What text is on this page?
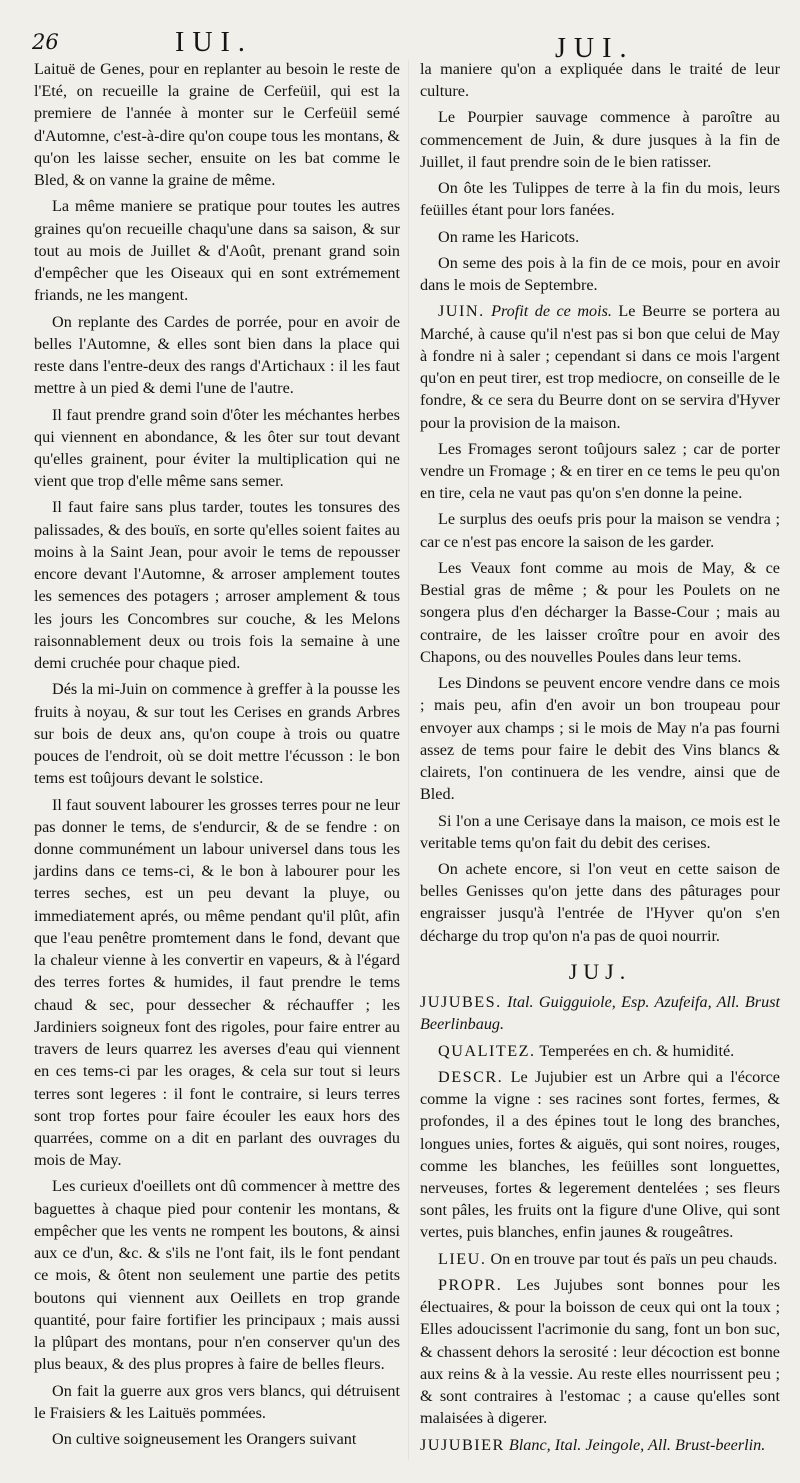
26	IUI.	JUI.

Laituë de Genes, pour en replanter au besoin le reste de l'Eté, on recueille la graine de Cerfeüil, qui est la premiere de l'année à monter sur le Cerfeüil semé d'Automne, c'est-à-dire qu'on coupe tous les montans, & qu'on les laisse secher, ensuite on les bat comme le Bled, & on vanne la graine de même.

La même maniere se pratique pour toutes les autres graines qu'on recueille chaqu'une dans sa saison, & sur tout au mois de Juillet & d'Août, prenant grand soin d'empêcher que les Oiseaux qui en sont extrémement friands, ne les mangent.

On replante des Cardes de porrée, pour en avoir de belles l'Automne, & elles sont bien dans la place qui reste dans l'entre-deux des rangs d'Artichaux : il les faut mettre à un pied & demi l'une de l'autre.

Il faut prendre grand soin d'ôter les méchantes herbes qui viennent en abondance, & les ôter sur tout devant qu'elles grainent, pour éviter la multiplication qui ne vient que trop d'elle même sans semer.

Il faut faire sans plus tarder, toutes les tonsures des palissades, & des bouïs, en sorte qu'elles soient faites au moins à la Saint Jean, pour avoir le tems de repousser encore devant l'Automne, & arroser amplement toutes les semences des potagers ; arroser amplement & tous les jours les Concombres sur couche, & les Melons raisonnablement deux ou trois fois la semaine à une demi cruchée pour chaque pied.

Dés la mi-Juin on commence à greffer à la pousse les fruits à noyau, & sur tout les Cerises en grands Arbres sur bois de deux ans, qu'on coupe à trois ou quatre pouces de l'endroit, où se doit mettre l'écusson : le bon tems est toûjours devant le solstice.

Il faut souvent labourer les grosses terres pour ne leur pas donner le tems, de s'endurcir, & de se fendre : on donne communément un labour universel dans tous les jardins dans ce tems-ci, & le bon à labourer pour les terres seches, est un peu devant la pluye, ou immediatement aprés, ou même pendant qu'il plût, afin que l'eau penêtre promtement dans le fond, devant que la chaleur vienne à les convertir en vapeurs, & à l'égard des terres fortes & humides, il faut prendre le tems chaud & sec, pour dessecher & réchauffer ; les Jardiniers soigneux font des rigoles, pour faire entrer au travers de leurs quarrez les averses d'eau qui viennent en ces tems-ci par les orages, & cela sur tout si leurs terres sont legeres : il font le contraire, si leurs terres sont trop fortes pour faire écouler les eaux hors des quarrées, comme on a dit en parlant des ouvrages du mois de May.

Les curieux d'oeillets ont dû commencer à mettre des baguettes à chaque pied pour contenir les montans, & empêcher que les vents ne rompent les boutons, & ainsi aux ce d'un, &c. & s'ils ne l'ont fait, ils le font pendant ce mois, & ôtent non seulement une partie des petits boutons qui viennent aux Oeillets en trop grande quantité, pour faire fortifier les principaux ; mais aussi la plûpart des montans, pour n'en conserver qu'un des plus beaux, & des plus propres à faire de belles fleurs.

On fait la guerre aux gros vers blancs, qui détruisent le Fraisiers & les Laituës pommées.

On cultive soigneusement les Orangers suivant

la maniere qu'on a expliquée dans le traité de leur culture.

Le Pourpier sauvage commence à paroître au commencement de Juin, & dure jusques à la fin de Juillet, il faut prendre soin de le bien ratisser.

On ôte les Tulippes de terre à la fin du mois, leurs feüilles étant pour lors fanées.

On rame les Haricots.

On seme des pois à la fin de ce mois, pour en avoir dans le mois de Septembre.

JUIN. Profit de ce mois. Le Beurre se portera au Marché, à cause qu'il n'est pas si bon que celui de May à fondre ni à saler ; cependant si dans ce mois l'argent qu'on en peut tirer, est trop mediocre, on conseille de le fondre, & ce sera du Beurre dont on se servira d'Hyver pour la provision de la maison.

Les Fromages seront toûjours salez ; car de porter vendre un Fromage ; & en tirer en ce tems le peu qu'on en tire, cela ne vaut pas qu'on s'en donne la peine.

Le surplus des oeufs pris pour la maison se vendra ; car ce n'est pas encore la saison de les garder.

Les Veaux font comme au mois de May, & ce Bestial gras de même ; & pour les Poulets on ne songera plus d'en décharger la Basse-Cour ; mais au contraire, de les laisser croître pour en avoir des Chapons, ou des nouvelles Poules dans leur tems.

Les Dindons se peuvent encore vendre dans ce mois ; mais peu, afin d'en avoir un bon troupeau pour envoyer aux champs ; si le mois de May n'a pas fourni assez de tems pour faire le debit des Vins blancs & clairets, l'on continuera de les vendre, ainsi que de Bled.

Si l'on a une Cerisaye dans la maison, ce mois est le veritable tems qu'on fait du debit des cerises.

On achete encore, si l'on veut en cette saison de belles Genisses qu'on jette dans des pâturages pour engraisser jusqu'à l'entrée de l'Hyver qu'on s'en décharge du trop qu'on n'a pas de quoi nourrir.

JUJ.

JUJUBES. Ital. Guigguiole, Esp. Azufeifa, All. Brust Beerlinbaug.

QUALITEZ. Temperées en ch. & humidité.

DESCR. Le Jujubier est un Arbre qui a l'écorce comme la vigne : ses racines sont fortes, fermes, & profondes, il a des épines tout le long des branches, longues unies, fortes & aiguës, qui sont noires, rouges, comme les blanches, les feüilles sont longuettes, nerveuses, fortes & legerement dentelées ; ses fleurs sont pâles, les fruits ont la figure d'une Olive, qui sont vertes, puis blanches, enfin jaunes & rougeâtres.

LIEU. On en trouve par tout és païs un peu chauds.

PROPR. Les Jujubes sont bonnes pour les électuaires, & pour la boisson de ceux qui ont la toux ; Elles adoucissent l'acrimonie du sang, font un bon suc, & chassent dehors la serosité : leur décoction est bonne aux reins & à la vessie. Au reste elles nourrissent peu ; & sont contraires à l'estomac ; a cause qu'elles sont malaisées à digerer.

JUJUBIER Blanc, Ital. Jeingole, All. Brust-beerlin.
